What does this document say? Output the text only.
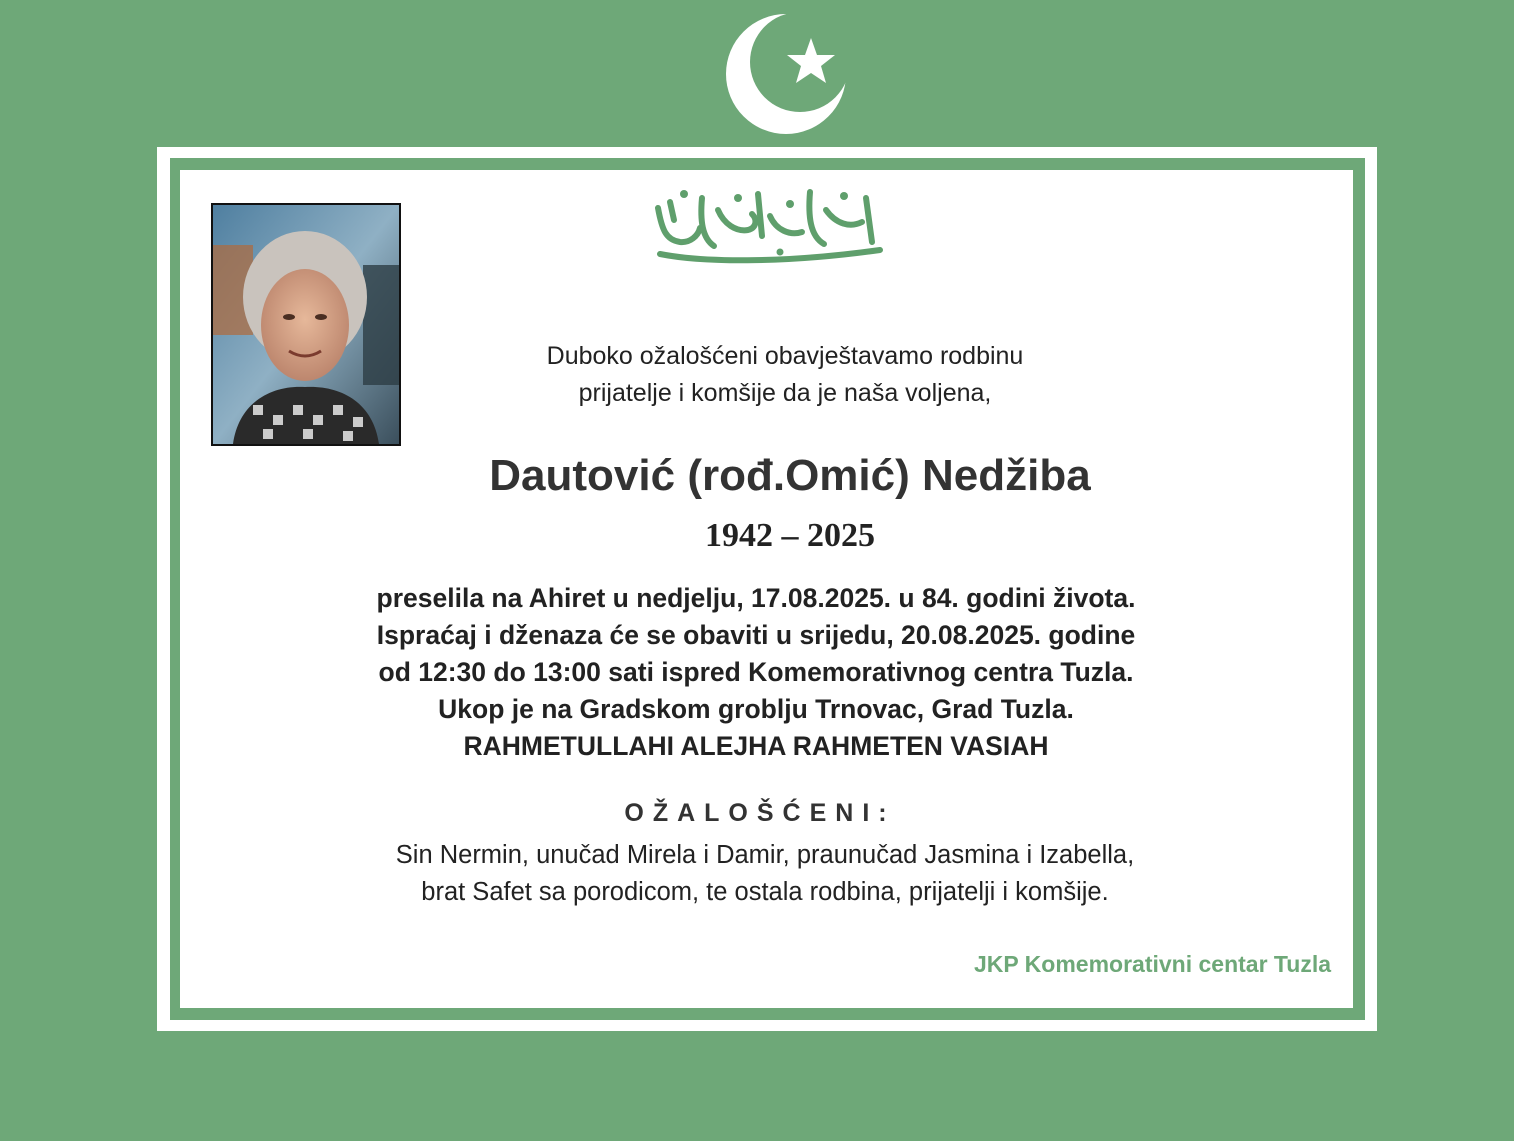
Duboko ožalošćeni obavještavamo rodbinu
prijatelje i komšije da je naša voljena,
Dautović (rođ.Omić) Nedžiba
1942 – 2025
preselila na Ahiret u nedjelju, 17.08.2025. u 84. godini života.
Ispraćaj i dženaza će se obaviti u srijedu, 20.08.2025. godine
od 12:30 do 13:00 sati ispred Komemorativnog centra Tuzla.
Ukop je na Gradskom groblju Trnovac, Grad Tuzla.
RAHMETULLAHI ALEJHA RAHMETEN VASIAH
OŽALOŠĆENI:
Sin Nermin, unučad Mirela i Damir, praunučad Jasmina i Izabella,
brat Safet sa porodicom, te ostala rodbina, prijatelji i komšije.
JKP Komemorativni centar Tuzla
